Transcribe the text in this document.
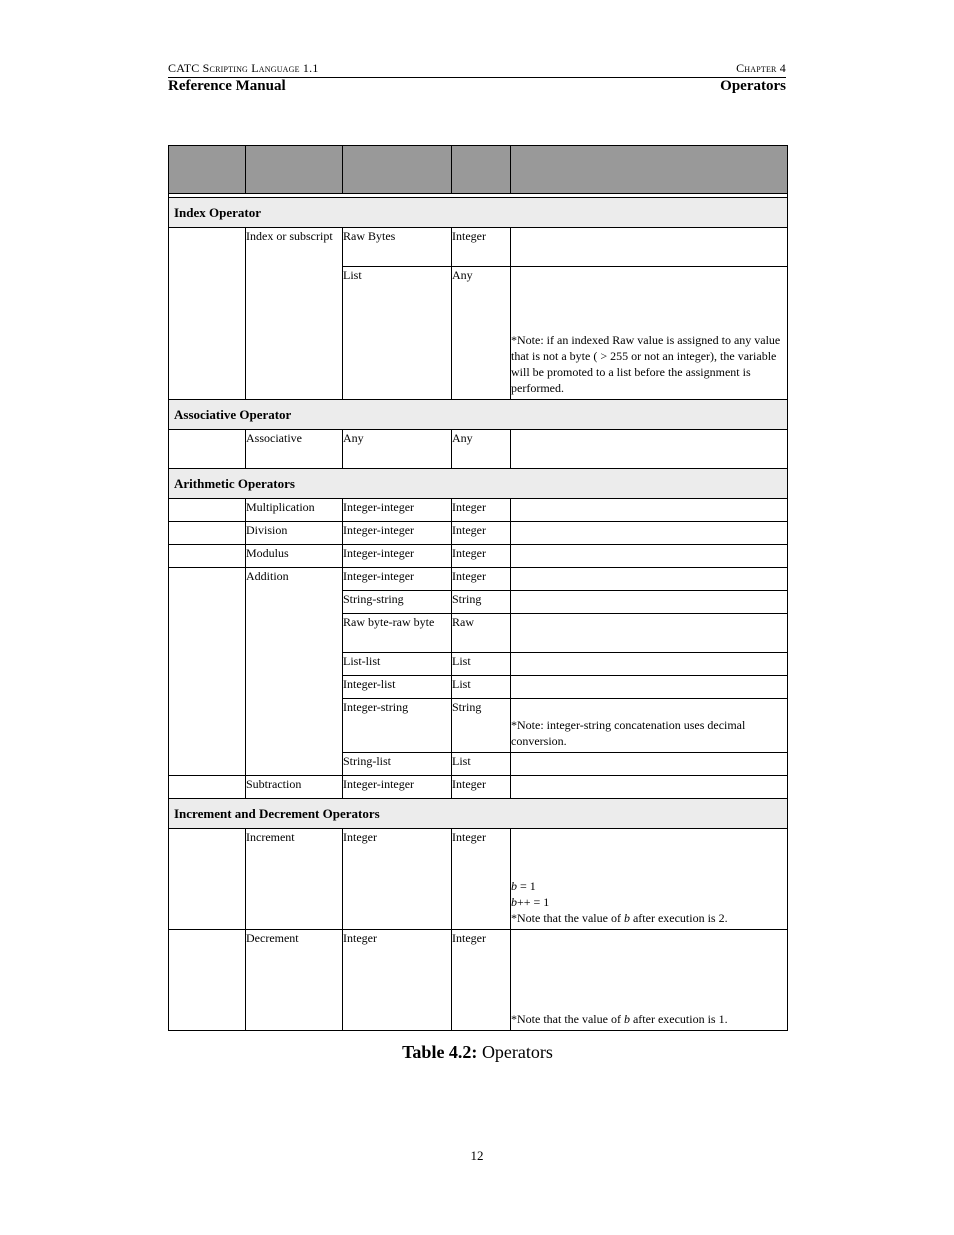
CATC Scripting Language 1.1	Chapter 4
Reference Manual	Operators

Index Operator				
	Index or subscript	Raw Bytes	Integer	
		List	Any	*Note: if an indexed Raw value is assigned to any value that is not a byte ( > 255 or not an integer), the variable will be promoted to a list before the assignment is performed.

Associative Operator				
	Associative	Any	Any	
Arithmetic Operators				
	Multiplication	Integer-integer	Integer	
	Division	Integer-integer	Integer	
	Modulus	Integer-integer	Integer	
	Addition	Integer-integer	Integer	
		String-string	String	
		Raw byte-raw byte	Raw	
		List-list	List	
		Integer-list	List	
		Integer-string	String	*Note: integer-string concatenation uses decimal conversion.

		String-list	List	
	Subtraction	Integer-integer	Integer	
Increment and Decrement Operators				
	Increment	Integer	Integer	b = 1
b++ = 1
*Note that the value of b after execution is 2.

	Decrement	Integer	Integer	*Note that the value of b after execution is 1.
Table 4.2: Operators
12
